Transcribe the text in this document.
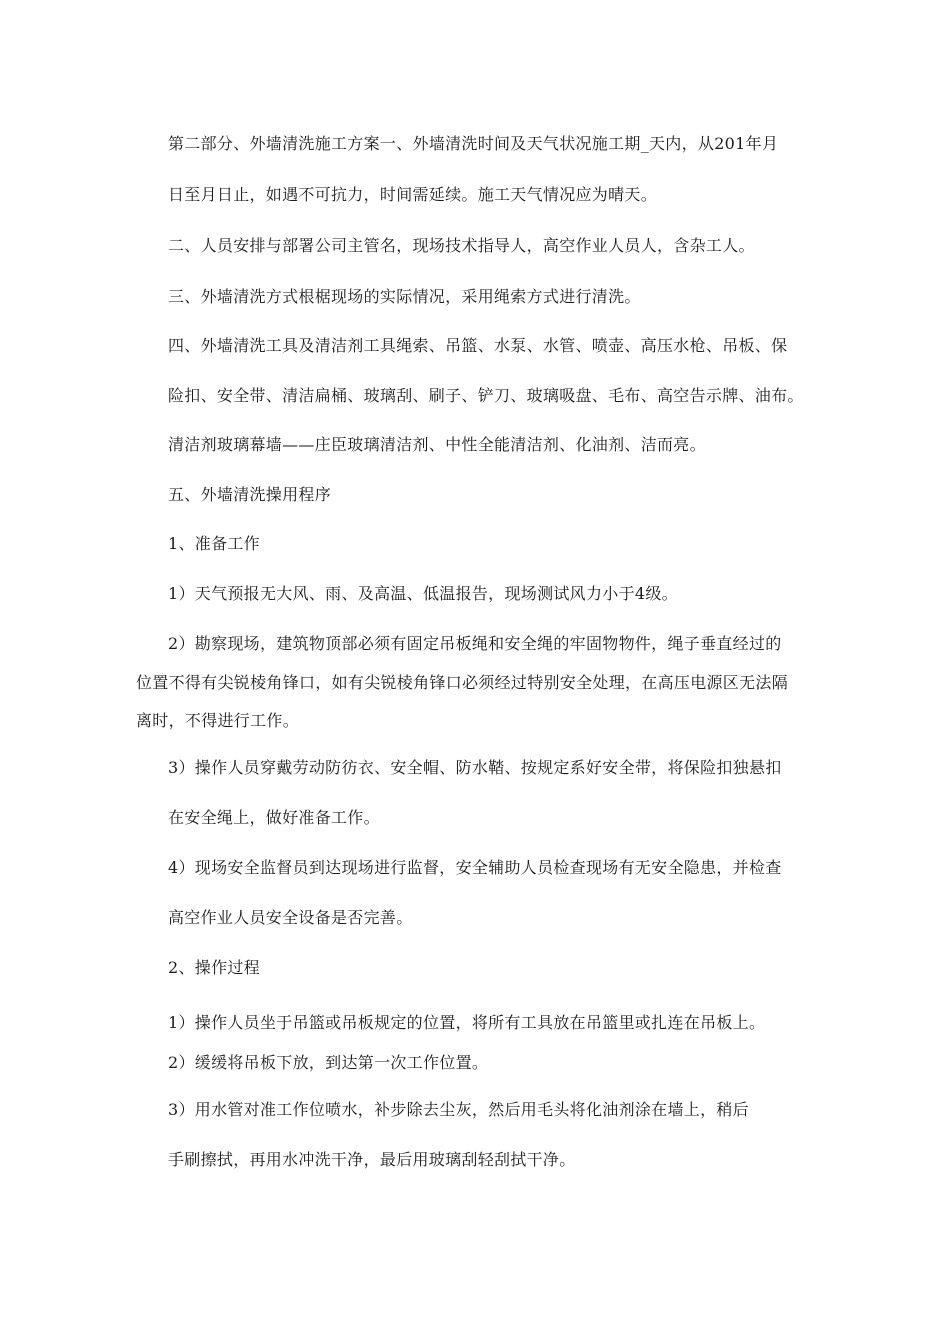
第二部分、外墙清洗施工方案一、外墙清洗时间及天气状况施工期_天内，从201年月
日至月日止，如遇不可抗力，时间需延续。施工天气情况应为晴天。
二、人员安排与部署公司主管名，现场技术指导人，高空作业人员人，含杂工人。
三、外墙清洗方式根椐现场的实际情况，采用绳索方式进行清洗。
四、外墙清洗工具及清洁剂工具绳索、吊篮、水泵、水管、喷壶、高压水枪、吊板、保
险扣、安全带、清洁扁桶、玻璃刮、刷子、铲刀、玻璃吸盘、毛布、高空告示牌、油布。
清洁剂玻璃幕墙——庄臣玻璃清洁剂、中性全能清洁剂、化油剂、洁而亮。
五、外墙清洗操用程序
1、准备工作
1）天气预报无大风、雨、及高温、低温报告，现场测试风力小于4级。
2）勘察现场，建筑物顶部必须有固定吊板绳和安全绳的牢固物物件，绳子垂直经过的
位置不得有尖锐棱角锋口，如有尖锐棱角锋口必须经过特别安全处理，在高压电源区无法隔
离时，不得进行工作。
3）操作人员穿戴劳动防彷衣、安全帽、防水鞜、按规定系好安全带，将保险扣独悬扣
在安全绳上，做好准备工作。
4）现场安全监督员到达现场进行监督，安全辅助人员检查现场有无安全隐患，并检查
高空作业人员安全设备是否完善。
2、操作过程
1）操作人员坐于吊篮或吊板规定的位置，将所有工具放在吊篮里或扎连在吊板上。
2）缓缓将吊板下放，到达第一次工作位置。
3）用水管对准工作位喷水，补步除去尘灰，然后用毛头将化油剂涂在墙上，稍后
手刷擦拭，再用水冲洗干净，最后用玻璃刮轻刮拭干净。
